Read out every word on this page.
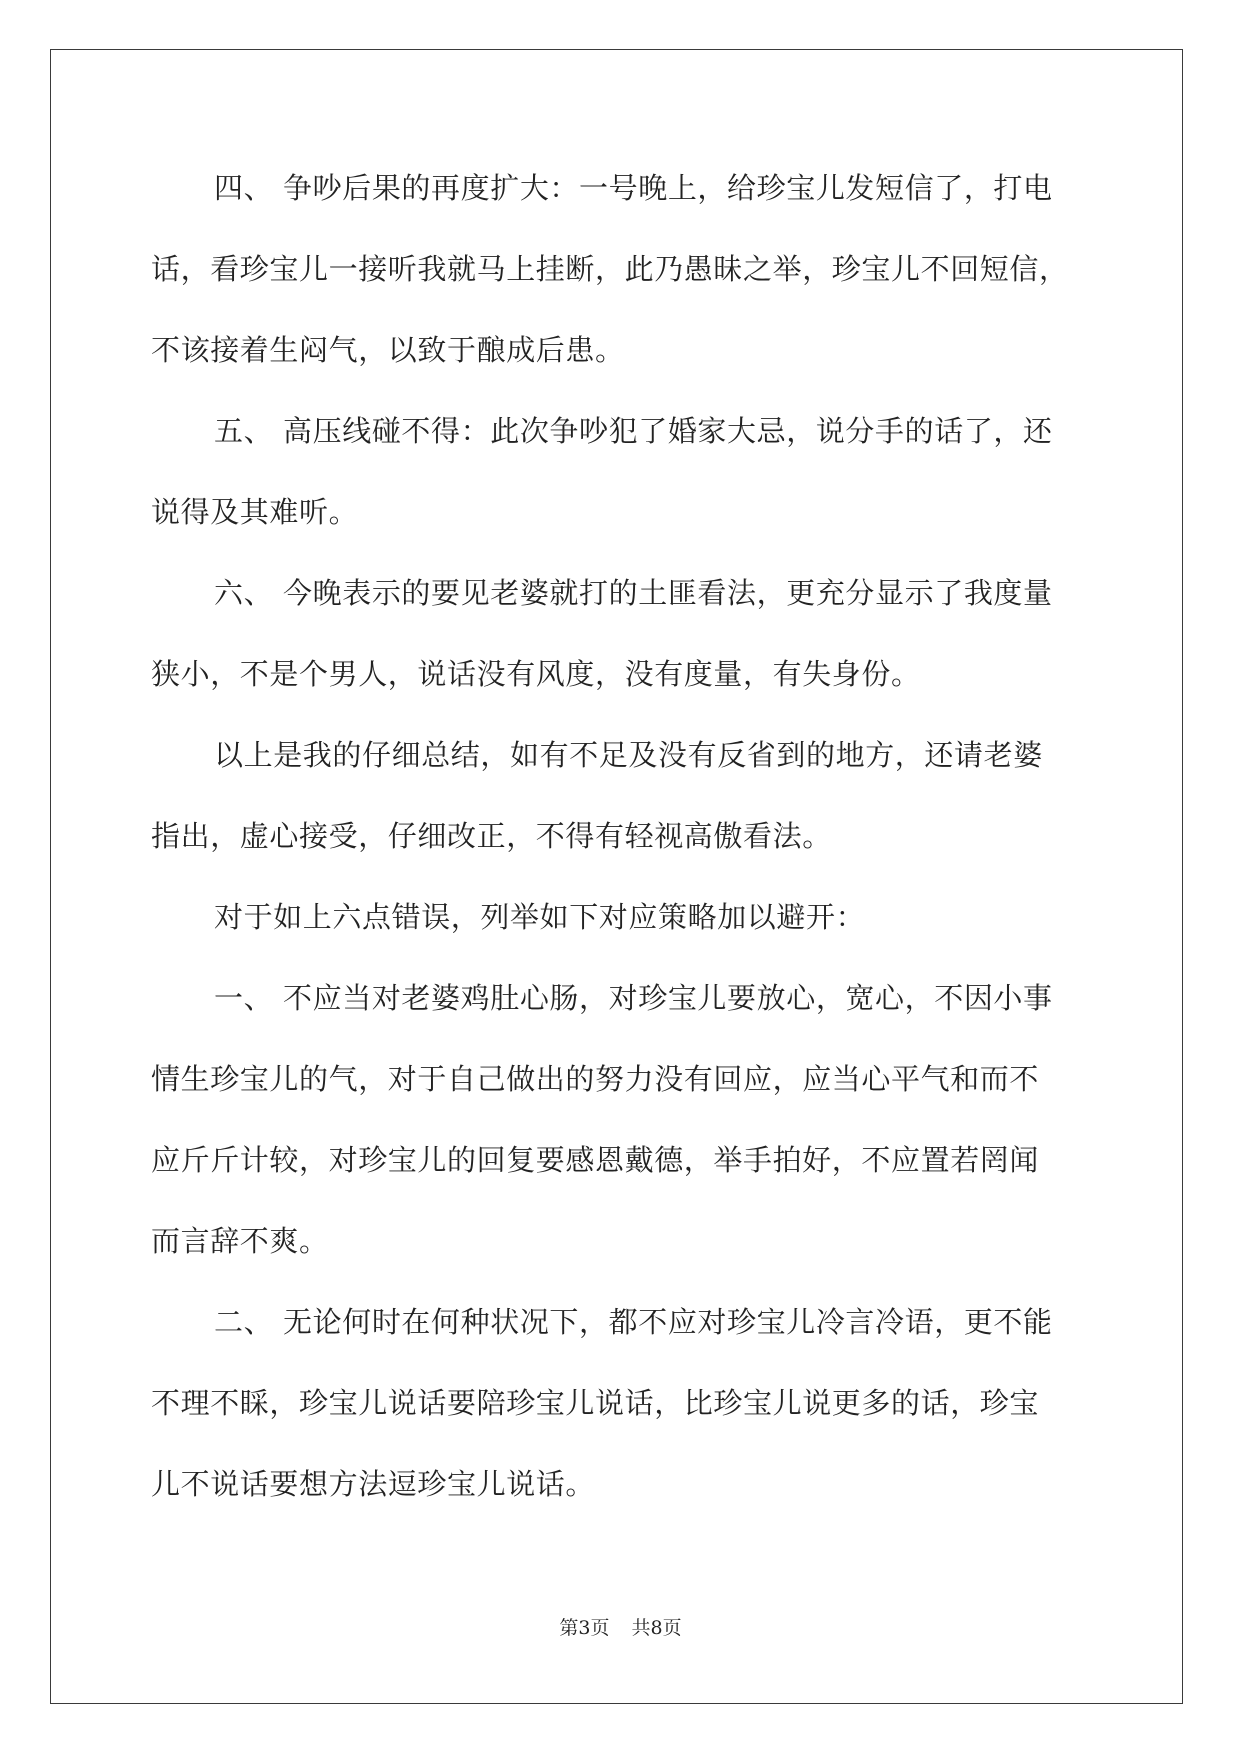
四、 争吵后果的再度扩大：一号晚上，给珍宝儿发短信了，打电
话，看珍宝儿一接听我就马上挂断，此乃愚昧之举，珍宝儿不回短信，
不该接着生闷气，以致于酿成后患。
五、 高压线碰不得：此次争吵犯了婚家大忌，说分手的话了，还
说得及其难听。
六、 今晚表示的要见老婆就打的土匪看法，更充分显示了我度量
狭小，不是个男人，说话没有风度，没有度量，有失身份。
以上是我的仔细总结，如有不足及没有反省到的地方，还请老婆
指出，虚心接受，仔细改正，不得有轻视高傲看法。
对于如上六点错误，列举如下对应策略加以避开：
一、 不应当对老婆鸡肚心肠，对珍宝儿要放心，宽心，不因小事
情生珍宝儿的气，对于自己做出的努力没有回应，应当心平气和而不
应斤斤计较，对珍宝儿的回复要感恩戴德，举手拍好，不应置若罔闻
而言辞不爽。
二、 无论何时在何种状况下，都不应对珍宝儿冷言冷语，更不能
不理不睬，珍宝儿说话要陪珍宝儿说话，比珍宝儿说更多的话，珍宝
儿不说话要想方法逗珍宝儿说话。
第3页 共8页
